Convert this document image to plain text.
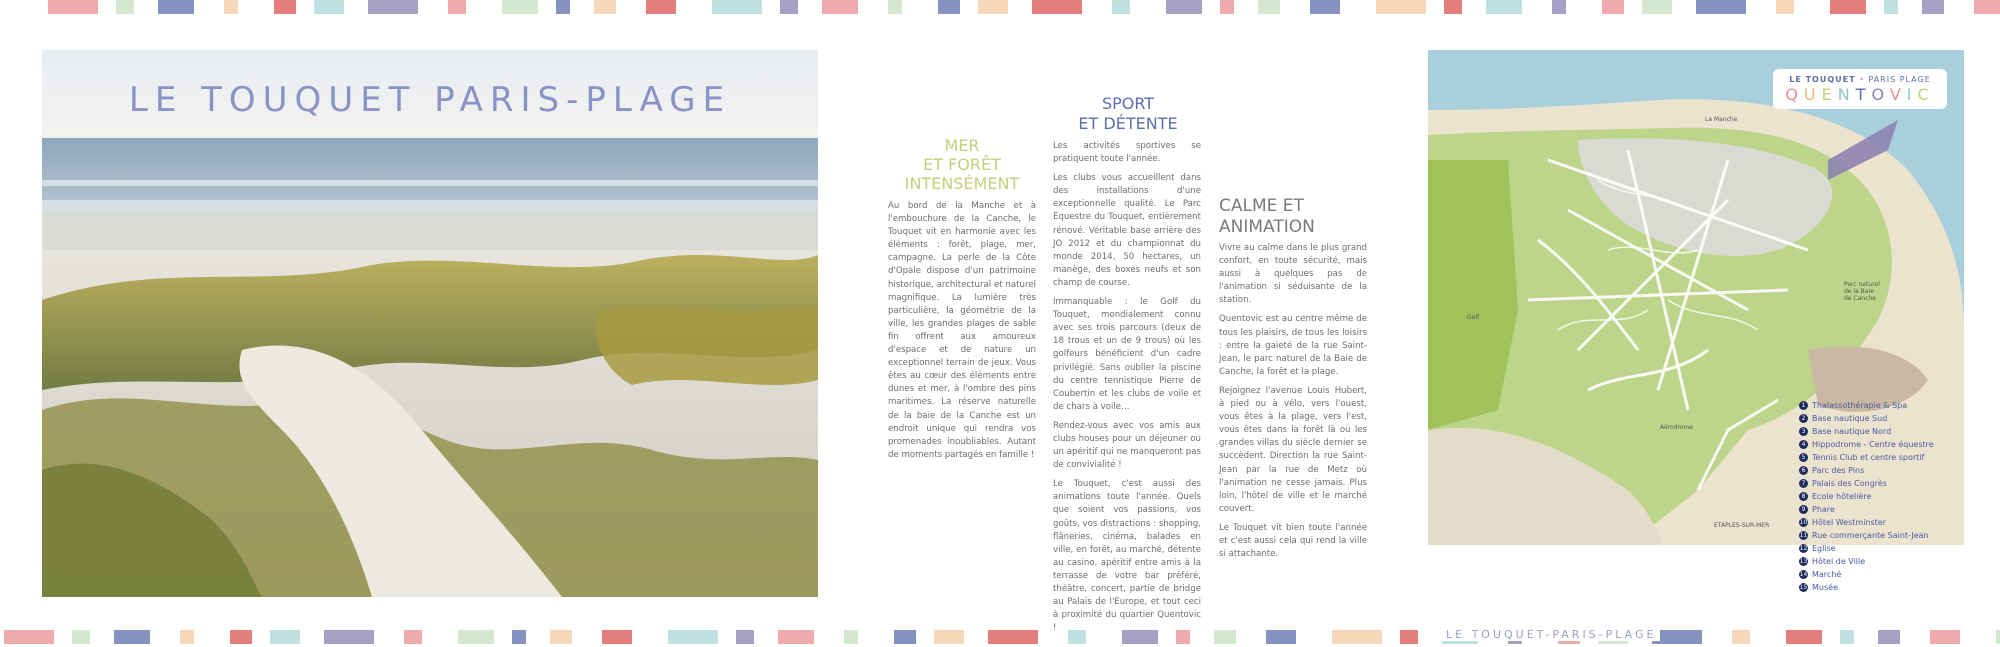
LE TOUQUET PARIS-PLAGE
MER
ET FORÊT
INTENSÉMENT

Au bord de la Manche et à l'embouchure de la Canche, le Touquet vit en harmonie avec les éléments : forêt, plage, mer, campagne. La perle de la Côte d'Opale dispose d'un patrimoine historique, architectural et naturel magnifique. La lumière très particulière, la géométrie de la ville, les grandes plages de sable fin offrent aux amoureux d'espace et de nature un exceptionnel terrain de jeux. Vous êtes au cœur des éléments entre dunes et mer, à l'ombre des pins maritimes. La réserve naturelle de la baie de la Canche est un endroit unique qui rendra vos promenades inoubliables. Autant de moments partagés en famille !

SPORT
ET DÉTENTE

Les activités sportives se pratiquent toute l'année.

Les clubs vous accueillent dans des installations d'une exceptionnelle qualité. Le Parc Équestre du Touquet, entièrement rénové. Véritable base arrière des JO 2012 et du championnat du monde 2014, 50 hectares, un manège, des boxes neufs et son champ de course.

Immanquable : le Golf du Touquet, mondialement connu avec ses trois parcours (deux de 18 trous et un de 9 trous) où les golfeurs bénéficient d'un cadre privilégié. Sans oublier la piscine du centre tennistique Pierre de Coubertin et les clubs de voile et de chars à voile…

Rendez-vous avec vos amis aux clubs houses pour un déjeuner ou un apéritif qui ne manqueront pas de convivialité !

Le Touquet, c'est aussi des animations toute l'année. Quels que soient vos passions, vos goûts, vos distractions : shopping, flâneries, cinéma, balades en ville, en forêt, au marché, détente au casino, apéritif entre amis à la terrasse de votre bar préféré, théâtre, concert, partie de bridge au Palais de l'Europe, et tout ceci à proximité du quartier Quentovic !

CALME ET
ANIMATION

Vivre au calme dans le plus grand confort, en toute sécurité, mais aussi à quelques pas de l'animation si séduisante de la station.

Quentovic est au centre même de tous les plaisirs, de tous les loisirs : entre la gaieté de la rue Saint-Jean, le parc naturel de la Baie de Canche, la forêt et la plage.

Rejoignez l'avenue Louis Hubert, à pied ou à vélo, vers l'ouest, vous êtes à la plage, vers l'est, vous êtes dans la forêt là où les grandes villas du siècle dernier se succèdent. Direction la rue Saint-Jean par la rue de Metz où l'animation ne cesse jamais. Plus loin, l'hôtel de ville et le marché couvert.

Le Touquet vit bien toute l'année et c'est aussi cela qui rend la ville si attachante.

LE TOUQUET • PARIS PLAGE
QUENTOVIC
La Manche
Golf
Aérodrome
Parc naturel
de la Baie
de Canche
ETAPLES-SUR-MER
1 Thalassothérapie & Spa
2 Base nautique Sud
3 Base nautique Nord
4 Hippodrome - Centre équestre
5 Tennis Club et centre sportif
6 Parc des Pins
7 Palais des Congrès
8 Ecole hôtelière
9 Phare
10 Hôtel Westminster
11 Rue commerçante Saint-Jean
12 Eglise
13 Hôtel de Ville
14 Marché
15 Musée
LE TOUQUET-PARIS-PLAGE
